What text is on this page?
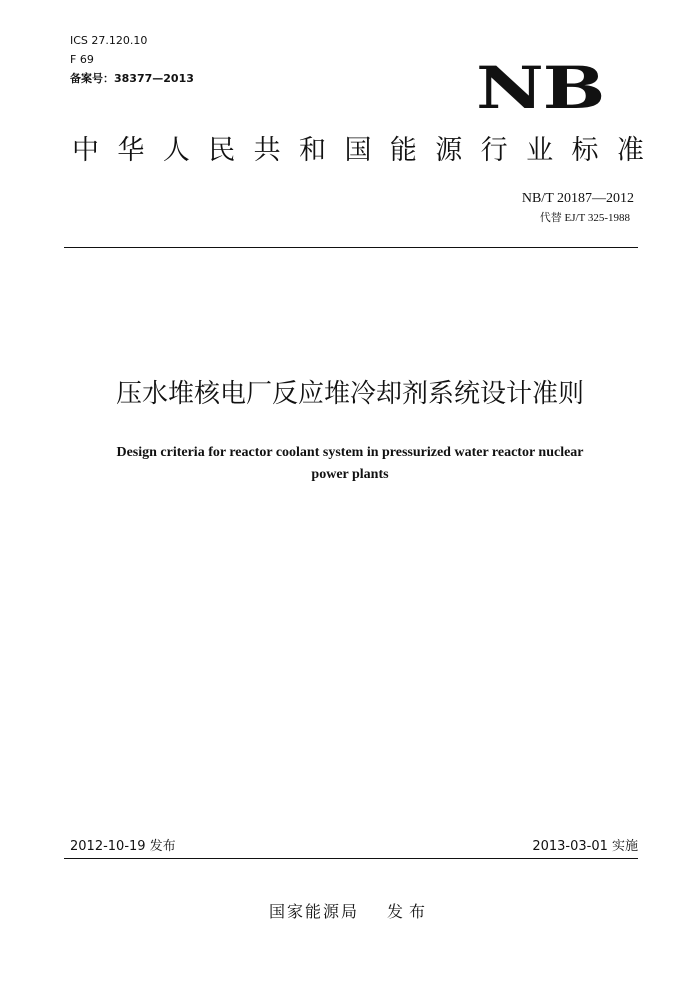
ICS 27.120.10
F 69
备案号：38377—2013	NB
中 华 人 民 共 和 国 能 源 行 业 标 准
NB/T 20187—2012
代替 EJ/T 325-1988
压水堆核电厂反应堆冷却剂系统设计准则
Design criteria for reactor coolant system in pressurized water reactor nuclear
power plants
2012-10-19 发布	2013-03-01 实施
国家能源局 发布
